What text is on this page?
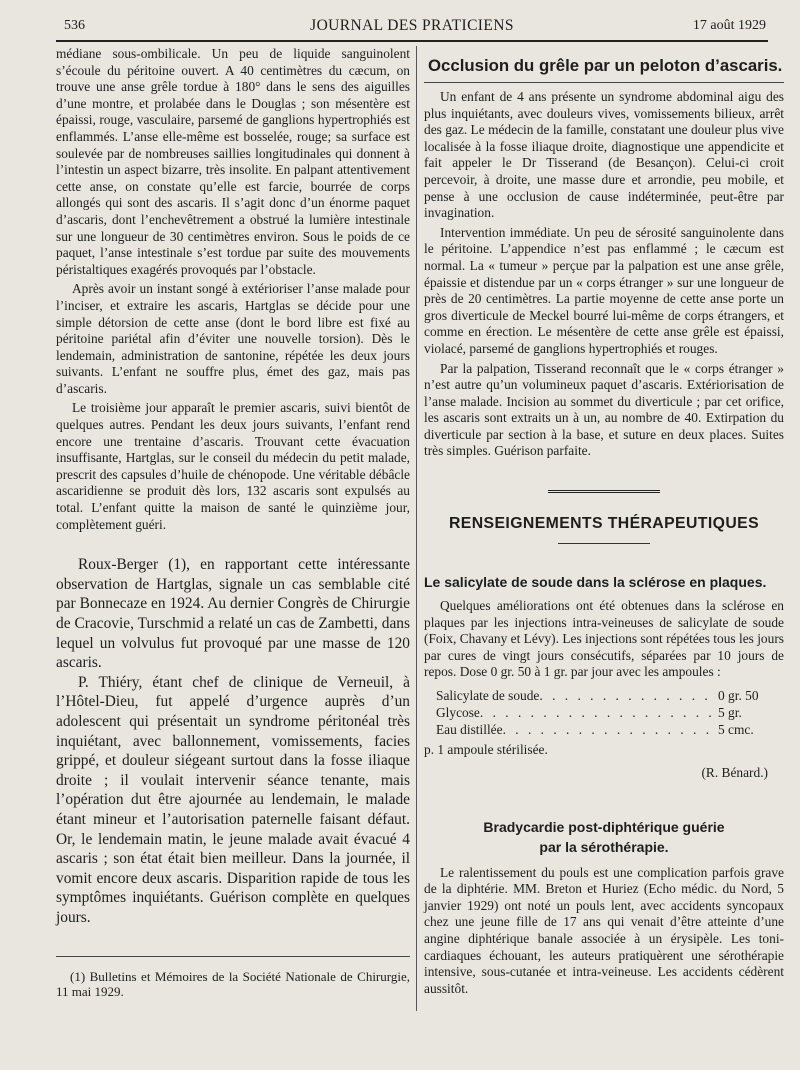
536	JOURNAL DES PRATICIENS	17 août 1929

médiane sous-ombilicale. Un peu de liquide sanguinolent s’écoule du péritoine ouvert. A 40 centimètres du cæcum, on trouve une anse grêle tordue à 180° dans le sens des aiguilles d’une montre, et prolabée dans le Douglas ; son mésentère est épaissi, rouge, vasculaire, parsemé de ganglions hypertrophiés est enflammés. L’anse elle-même est bosselée, rouge; sa surface est soulevée par de nombreuses saillies longitudinales qui donnent à l’intestin un aspect bizarre, très insolite. En palpant attentivement cette anse, on constate qu’elle est farcie, bourrée de corps allongés qui sont des ascaris. Il s’agit donc d’un énorme paquet d’ascaris, dont l’enchevêtrement a obstrué la lumière intestinale sur une longueur de 30 centimètres environ. Sous le poids de ce paquet, l’anse intestinale s’est tordue par suite des mouvements péristaltiques exagérés provoqués par l’obstacle.

Après avoir un instant songé à extérioriser l’anse malade pour l’inciser, et extraire les ascaris, Hartglas se décide pour une simple détorsion de cette anse (dont le bord libre est fixé au péritoine pariétal afin d’éviter une nouvelle torsion). Dès le lendemain, administration de santonine, répétée les deux jours suivants. L’enfant ne souffre plus, émet des gaz, mais pas d’ascaris.

Le troisième jour apparaît le premier ascaris, suivi bientôt de quelques autres. Pendant les deux jours suivants, l’enfant rend encore une trentaine d’ascaris. Trouvant cette évacuation insuffisante, Hartglas, sur le conseil du médecin du petit malade, prescrit des capsules d’huile de chénopode. Une véritable débâcle ascaridienne se produit dès lors, 132 ascaris sont expulsés au total. L’enfant quitte la maison de santé le quinzième jour, complètement guéri.

Roux-Berger (1), en rapportant cette intéressante observation de Hartglas, signale un cas semblable cité par Bonnecaze en 1924. Au dernier Congrès de Chirurgie de Cracovie, Turschmid a relaté un cas de Zambetti, dans lequel un volvulus fut provoqué par une masse de 120 ascaris.

P. Thiéry, étant chef de clinique de Verneuil, à l’Hôtel-Dieu, fut appelé d’urgence auprès d’un adolescent qui présentait un syndrome péritonéal très inquiétant, avec ballonnement, vomissements, facies grippé, et douleur siégeant surtout dans la fosse iliaque droite ; il voulait intervenir séance tenante, mais l’opération dut être ajournée au lendemain, le malade étant mineur et l’autorisation paternelle faisant défaut. Or, le lendemain matin, le jeune malade avait évacué 4 ascaris ; son état était bien meilleur. Dans la journée, il vomit encore deux ascaris. Disparition rapide de tous les symptômes inquiétants. Guérison complète en quelques jours.

(1) Bulletins et Mémoires de la Société Nationale de Chirurgie, 11 mai 1929.

Occlusion du grêle par un peloton d’ascaris.

Un enfant de 4 ans présente un syndrome abdominal aigu des plus inquiétants, avec douleurs vives, vomissements bilieux, arrêt des gaz. Le médecin de la famille, constatant une douleur plus vive localisée à la fosse iliaque droite, diagnostique une appendicite et fait appeler le Dr Tisserand (de Besançon). Celui-ci croit percevoir, à droite, une masse dure et arrondie, peu mobile, et pense à une occlusion de cause indéterminée, peut-être par invagination.

Intervention immédiate. Un peu de sérosité sanguinolente dans le péritoine. L’appendice n’est pas enflammé ; le cæcum est normal. La « tumeur » perçue par la palpation est une anse grêle, épaissie et distendue par un « corps étranger » sur une longueur de près de 20 centimètres. La partie moyenne de cette anse porte un gros diverticule de Meckel bourré lui-même de corps étrangers, et comme en érection. Le mésentère de cette anse grêle est épaissi, violacé, parsemé de ganglions hypertrophiés et rouges.

Par la palpation, Tisserand reconnaît que le « corps étranger » n’est autre qu’un volumineux paquet d’ascaris. Extériorisation de l’anse malade. Incision au sommet du diverticule ; par cet orifice, les ascaris sont extraits un à un, au nombre de 40. Extirpation du diverticule par section à la base, et suture en deux places. Suites très simples. Guérison parfaite.

RENSEIGNEMENTS THÉRAPEUTIQUES
Le salicylate de soude dans la sclérose en plaques.

Quelques améliorations ont été obtenues dans la sclérose en plaques par les injections intra-veineuses de salicylate de soude (Foix, Chavany et Lévy). Les injections sont répétées tous les jours par cures de vingt jours consécutifs, séparées par 10 jours de repos. Dose 0 gr. 50 à 1 gr. par jour avec les ampoules :

Salicylate de soude . . .	0 gr. 50
Glycose . . .	5 gr.
Eau distillée . . .	5 cmc.

p. 1 ampoule stérilisée.

(R. Bénard.)
Bradycardie post-diphtérique guérie
par la sérothérapie.

Le ralentissement du pouls est une complication parfois grave de la diphtérie. MM. Breton et Huriez (Echo médic. du Nord, 5 janvier 1929) ont noté un pouls lent, avec accidents syncopaux chez une jeune fille de 17 ans qui venait d’être atteinte d’une angine diphtérique banale associée à un érysipèle. Les toni-cardiaques échouant, les auteurs pratiquèrent une sérothérapie intensive, sous-cutanée et intra-veineuse. Les accidents cédèrent aussitôt.
